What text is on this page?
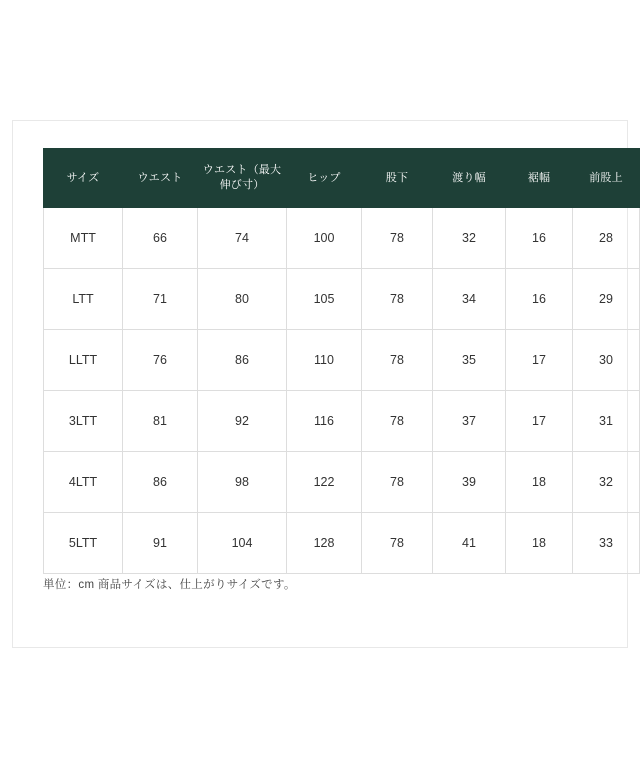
サイズ	ウエスト	ウエスト（最大伸び寸）	ヒップ	股下	渡り幅	裾幅	前股上
MTT	66	74	100	78	32	16	28
LTT	71	80	105	78	34	16	29
LLTT	76	86	110	78	35	17	30
3LTT	81	92	116	78	37	17	31
4LTT	86	98	122	78	39	18	32
5LTT	91	104	128	78	41	18	33
単位：cm 商品サイズは、仕上がりサイズです。
